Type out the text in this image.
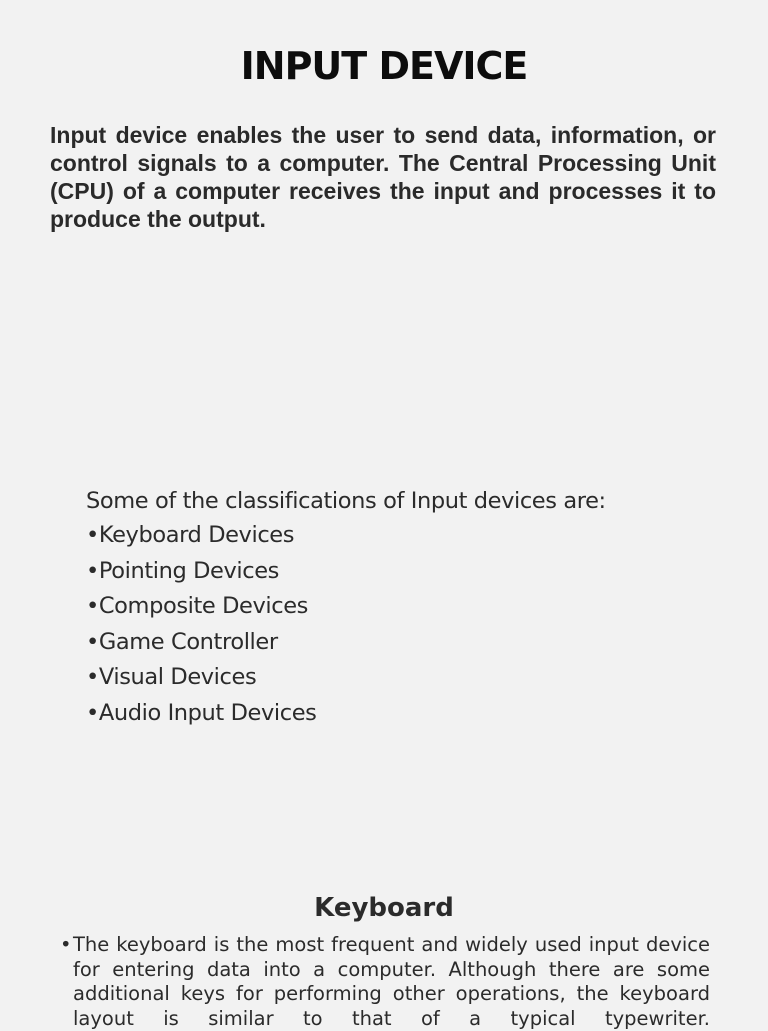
INPUT DEVICE

Input device enables the user to send data, information, or control signals to a computer. The Central Processing Unit (CPU) of a computer receives the input and processes it to produce the output.

Some of the classifications of Input devices are:

•Keyboard Devices
•Pointing Devices
•Composite Devices
•Game Controller
•Visual Devices
•Audio Input Devices
Keyboard
• The keyboard is the most frequent and widely used input device for entering data into a computer. Although there are some additional keys for performing other operations, the keyboard layout is similar to that of a typical typewriter.
